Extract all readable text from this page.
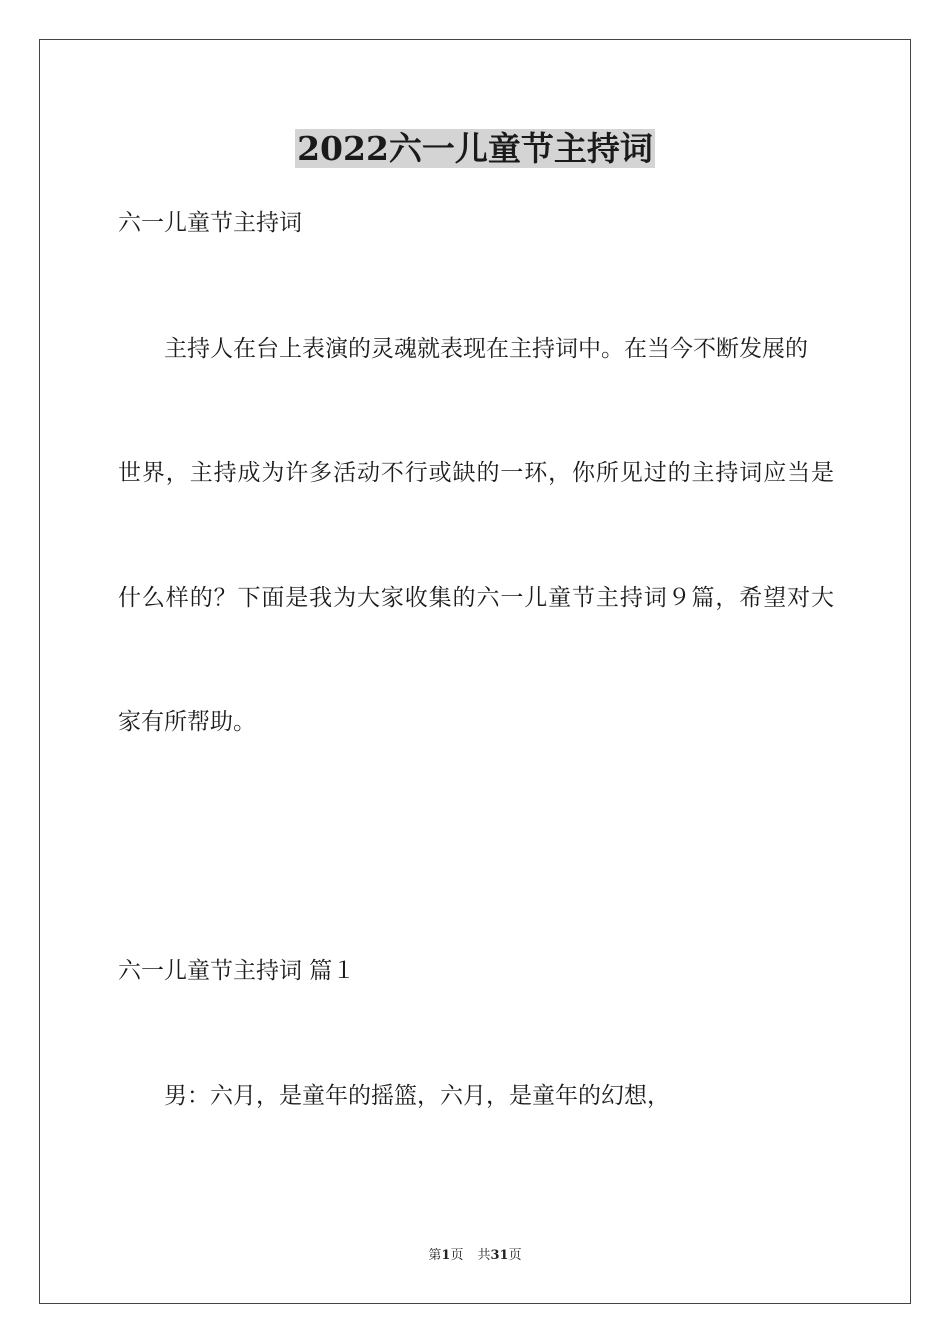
2022六一儿童节主持词

六一儿童节主持词

主持人在台上表演的灵魂就表现在主持词中。在当今不断发展的

世界，主持成为许多活动不行或缺的一环，你所见过的主持词应当是

什么样的？下面是我为大家收集的六一儿童节主持词９篇，希望对大

家有所帮助。

六一儿童节主持词 篇１

男：六月，是童年的摇篮，六月，是童年的幻想，

第1页 共31页
